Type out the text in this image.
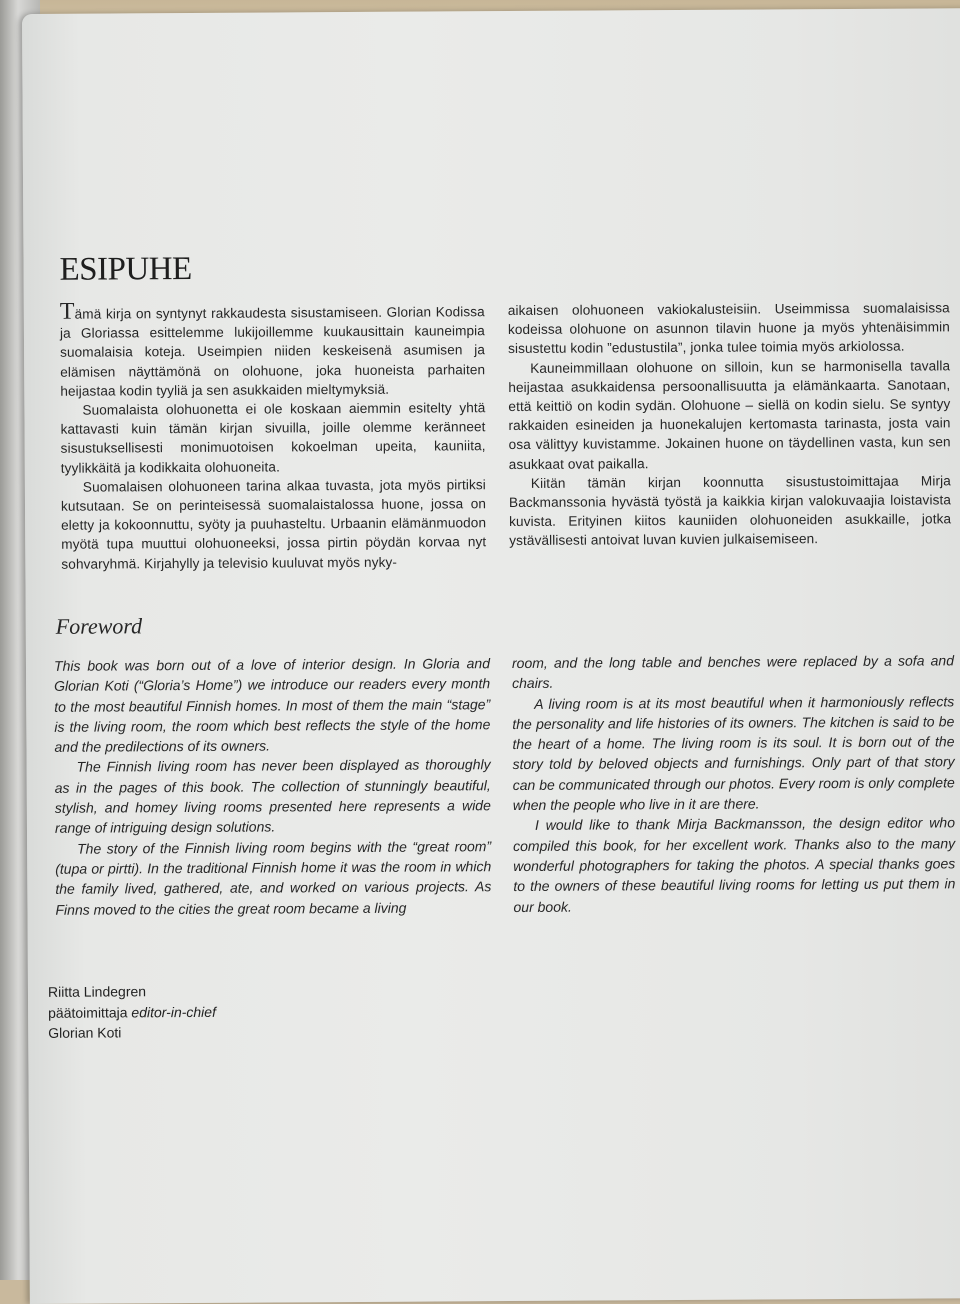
ESIPUHE

Tämä kirja on syntynyt rakkaudesta sisustamiseen. Glorian Kodissa ja Gloriassa esittelemme lukijoillemme kuukausittain kauneimpia suomalaisia koteja. Useimpien niiden keskeisenä asumisen ja elämisen näyttämönä on olohuone, joka huoneista parhaiten heijastaa kodin tyyliä ja sen asukkaiden mieltymyksiä.

Suomalaista olohuonetta ei ole koskaan aiemmin esitelty yhtä kattavasti kuin tämän kirjan sivuilla, joille olemme keränneet sisustuksellisesti monimuotoisen kokoelman upeita, kauniita, tyylikkäitä ja kodikkaita olohuoneita.

Suomalaisen olohuoneen tarina alkaa tuvasta, jota myös pirtiksi kutsutaan. Se on perinteisessä suomalaistalossa huone, jossa on eletty ja kokoonnuttu, syöty ja puuhasteltu. Urbaanin elämänmuodon myötä tupa muuttui olohuoneeksi, jossa pirtin pöydän korvaa nyt sohvaryhmä. Kirjahylly ja televisio kuuluvat myös nyky-

aikaisen olohuoneen vakiokalusteisiin. Useimmissa suomalaisissa kodeissa olohuone on asunnon tilavin huone ja myös yhtenäisimmin sisustettu kodin ”edustustila”, jonka tulee toimia myös arkiolossa.

Kauneimmillaan olohuone on silloin, kun se harmonisella tavalla heijastaa asukkaidensa persoonallisuutta ja elämänkaarta. Sanotaan, että keittiö on kodin sydän. Olohuone – siellä on kodin sielu. Se syntyy rakkaiden esineiden ja huonekalujen kertomasta tarinasta, josta vain osa välittyy kuvistamme. Jokainen huone on täydellinen vasta, kun sen asukkaat ovat paikalla.

Kiitän tämän kirjan koonnutta sisustustoimittajaa Mirja Backmanssonia hyvästä työstä ja kaikkia kirjan valokuvaajia loistavista kuvista. Erityinen kiitos kauniiden olohuoneiden asukkaille, jotka ystävällisesti antoivat luvan kuvien julkaisemiseen.

Foreword

This book was born out of a love of interior design. In Gloria and Glorian Koti (“Gloria’s Home”) we introduce our readers every month to the most beautiful Finnish homes. In most of them the main “stage” is the living room, the room which best reflects the style of the home and the predilections of its owners.

The Finnish living room has never been displayed as thoroughly as in the pages of this book. The collection of stunningly beautiful, stylish, and homey living rooms presented here represents a wide range of intriguing design solutions.

The story of the Finnish living room begins with the “great room” (tupa or pirtti). In the traditional Finnish home it was the room in which the family lived, gathered, ate, and worked on various projects. As Finns moved to the cities the great room became a living

room, and the long table and benches were replaced by a sofa and chairs.

A living room is at its most beautiful when it harmoniously reflects the personality and life histories of its owners. The kitchen is said to be the heart of a home. The living room is its soul. It is born out of the story told by beloved objects and furnishings. Only part of that story can be communicated through our photos. Every room is only complete when the people who live in it are there.

I would like to thank Mirja Backmansson, the design editor who compiled this book, for her excellent work. Thanks also to the many wonderful photographers for taking the photos. A special thanks goes to the owners of these beautiful living rooms for letting us put them in our book.

Riitta Lindegren
päätoimittaja editor-in-chief
Glorian Koti
